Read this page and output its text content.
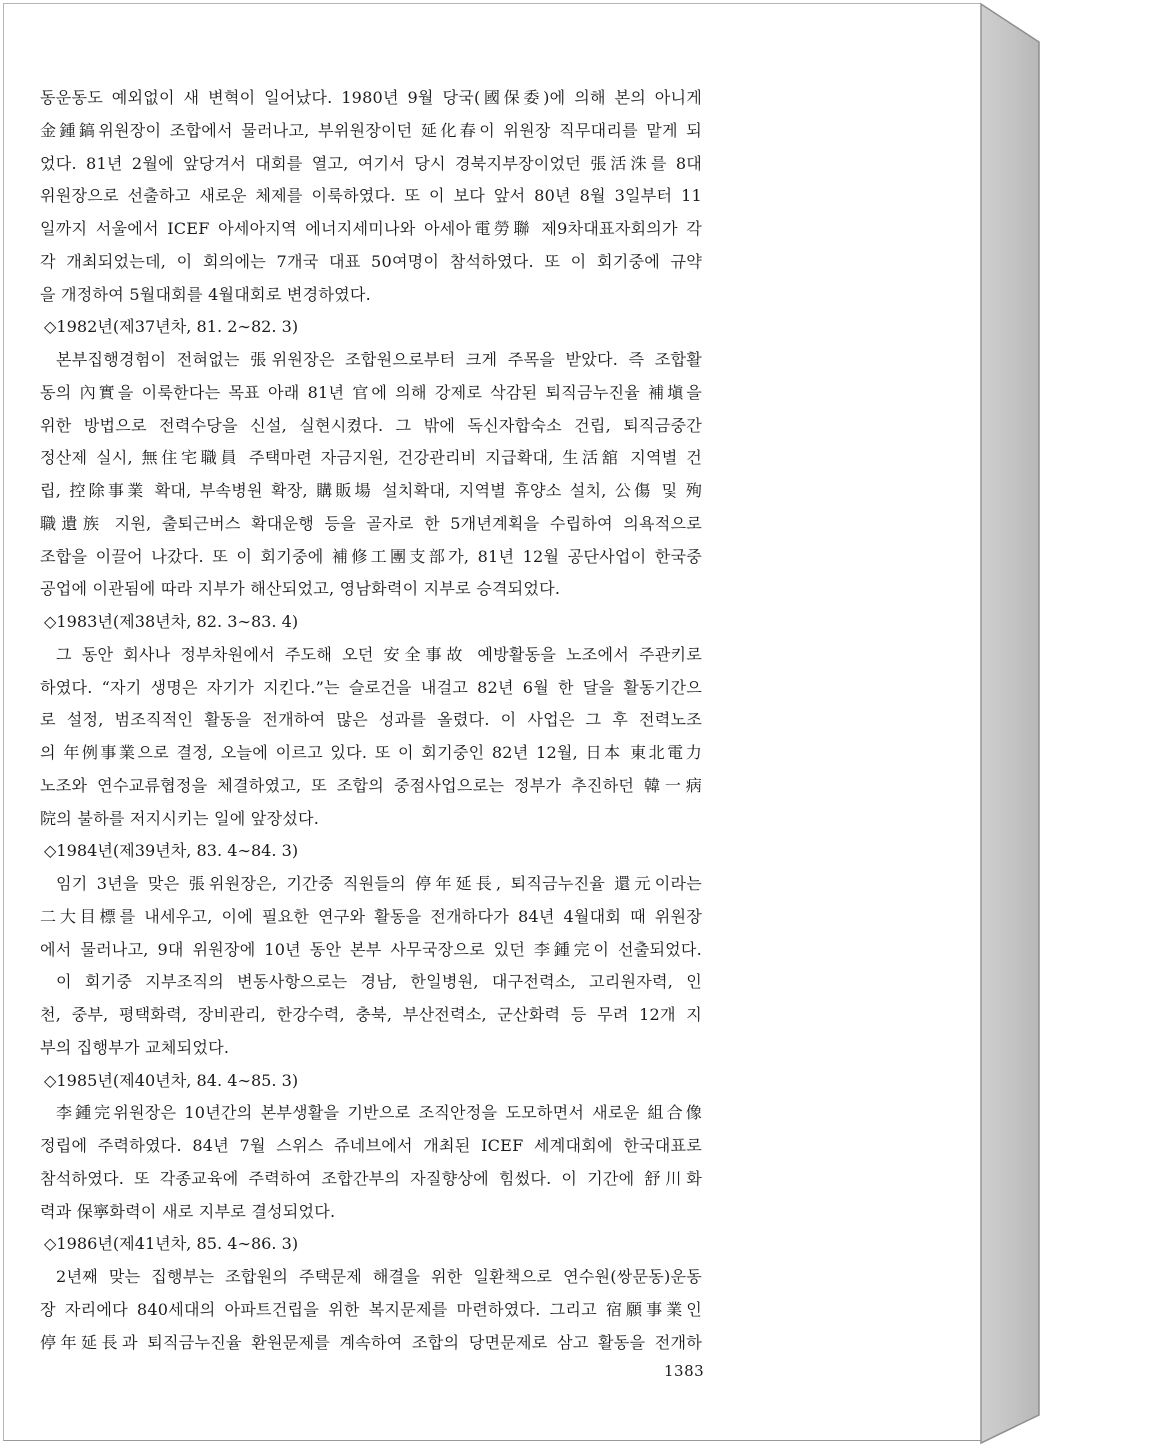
동운동도 예외없이 새 변혁이 일어났다. 1980년 9월 당국(國保委)에 의해 본의 아니게
金鍾鎬위원장이 조합에서 물러나고, 부위원장이던 延化春이 위원장 직무대리를 맡게 되
었다. 81년 2월에 앞당겨서 대회를 열고, 여기서 당시 경북지부장이었던 張活洙를 8대
위원장으로 선출하고 새로운 체제를 이룩하였다. 또 이 보다 앞서 80년 8월 3일부터 11
일까지 서울에서 ICEF 아세아지역 에너지세미나와 아세아電勞聯 제9차대표자회의가 각
각 개최되었는데, 이 회의에는 7개국 대표 50여명이 참석하였다. 또 이 회기중에 규약
을 개정하여 5월대회를 4월대회로 변경하였다.
◇1982년(제37년차, 81. 2∼82. 3)
본부집행경험이 전혀없는 張위원장은 조합원으로부터 크게 주목을 받았다. 즉 조합활
동의 內實을 이룩한다는 목표 아래 81년 官에 의해 강제로 삭감된 퇴직금누진율 補塡을
위한 방법으로 전력수당을 신설, 실현시켰다. 그 밖에 독신자합숙소 건립, 퇴직금중간
정산제 실시, 無住宅職員 주택마련 자금지원, 건강관리비 지급확대, 生活舘 지역별 건
립, 控除事業 확대, 부속병원 확장, 購販場 설치확대, 지역별 휴양소 설치, 公傷 및 殉
職遺族 지원, 출퇴근버스 확대운행 등을 골자로 한 5개년계획을 수립하여 의욕적으로
조합을 이끌어 나갔다. 또 이 회기중에 補修工團支部가, 81년 12월 공단사업이 한국중
공업에 이관됨에 따라 지부가 해산되었고, 영남화력이 지부로 승격되었다.
◇1983년(제38년차, 82. 3∼83. 4)
그 동안 회사나 정부차원에서 주도해 오던 安全事故 예방활동을 노조에서 주관키로
하였다. “자기 생명은 자기가 지킨다.”는 슬로건을 내걸고 82년 6월 한 달을 활동기간으
로 설정, 범조직적인 활동을 전개하여 많은 성과를 올렸다. 이 사업은 그 후 전력노조
의 年例事業으로 결정, 오늘에 이르고 있다. 또 이 회기중인 82년 12월, 日本 東北電力
노조와 연수교류협정을 체결하였고, 또 조합의 중점사업으로는 정부가 추진하던 韓一病
院의 불하를 저지시키는 일에 앞장섰다.
◇1984년(제39년차, 83. 4∼84. 3)
임기 3년을 맞은 張위원장은, 기간중 직원들의 停年延長, 퇴직금누진율 還元이라는
二大目標를 내세우고, 이에 필요한 연구와 활동을 전개하다가 84년 4월대회 때 위원장
에서 물러나고, 9대 위원장에 10년 동안 본부 사무국장으로 있던 李鍾完이 선출되었다.
이 회기중 지부조직의 변동사항으로는 경남, 한일병원, 대구전력소, 고리원자력, 인
천, 중부, 평택화력, 장비관리, 한강수력, 충북, 부산전력소, 군산화력 등 무려 12개 지
부의 집행부가 교체되었다.
◇1985년(제40년차, 84. 4∼85. 3)
李鍾完위원장은 10년간의 본부생활을 기반으로 조직안정을 도모하면서 새로운 組合像
정립에 주력하였다. 84년 7월 스위스 쥬네브에서 개최된 ICEF 세계대회에 한국대표로
참석하였다. 또 각종교육에 주력하여 조합간부의 자질향상에 힘썼다. 이 기간에 舒川화
력과 保寧화력이 새로 지부로 결성되었다.
◇1986년(제41년차, 85. 4∼86. 3)
2년째 맞는 집행부는 조합원의 주택문제 해결을 위한 일환책으로 연수원(쌍문동)운동
장 자리에다 840세대의 아파트건립을 위한 복지문제를 마련하였다. 그리고 宿願事業인
停年延長과 퇴직금누진율 환원문제를 계속하여 조합의 당면문제로 삼고 활동을 전개하
1383
